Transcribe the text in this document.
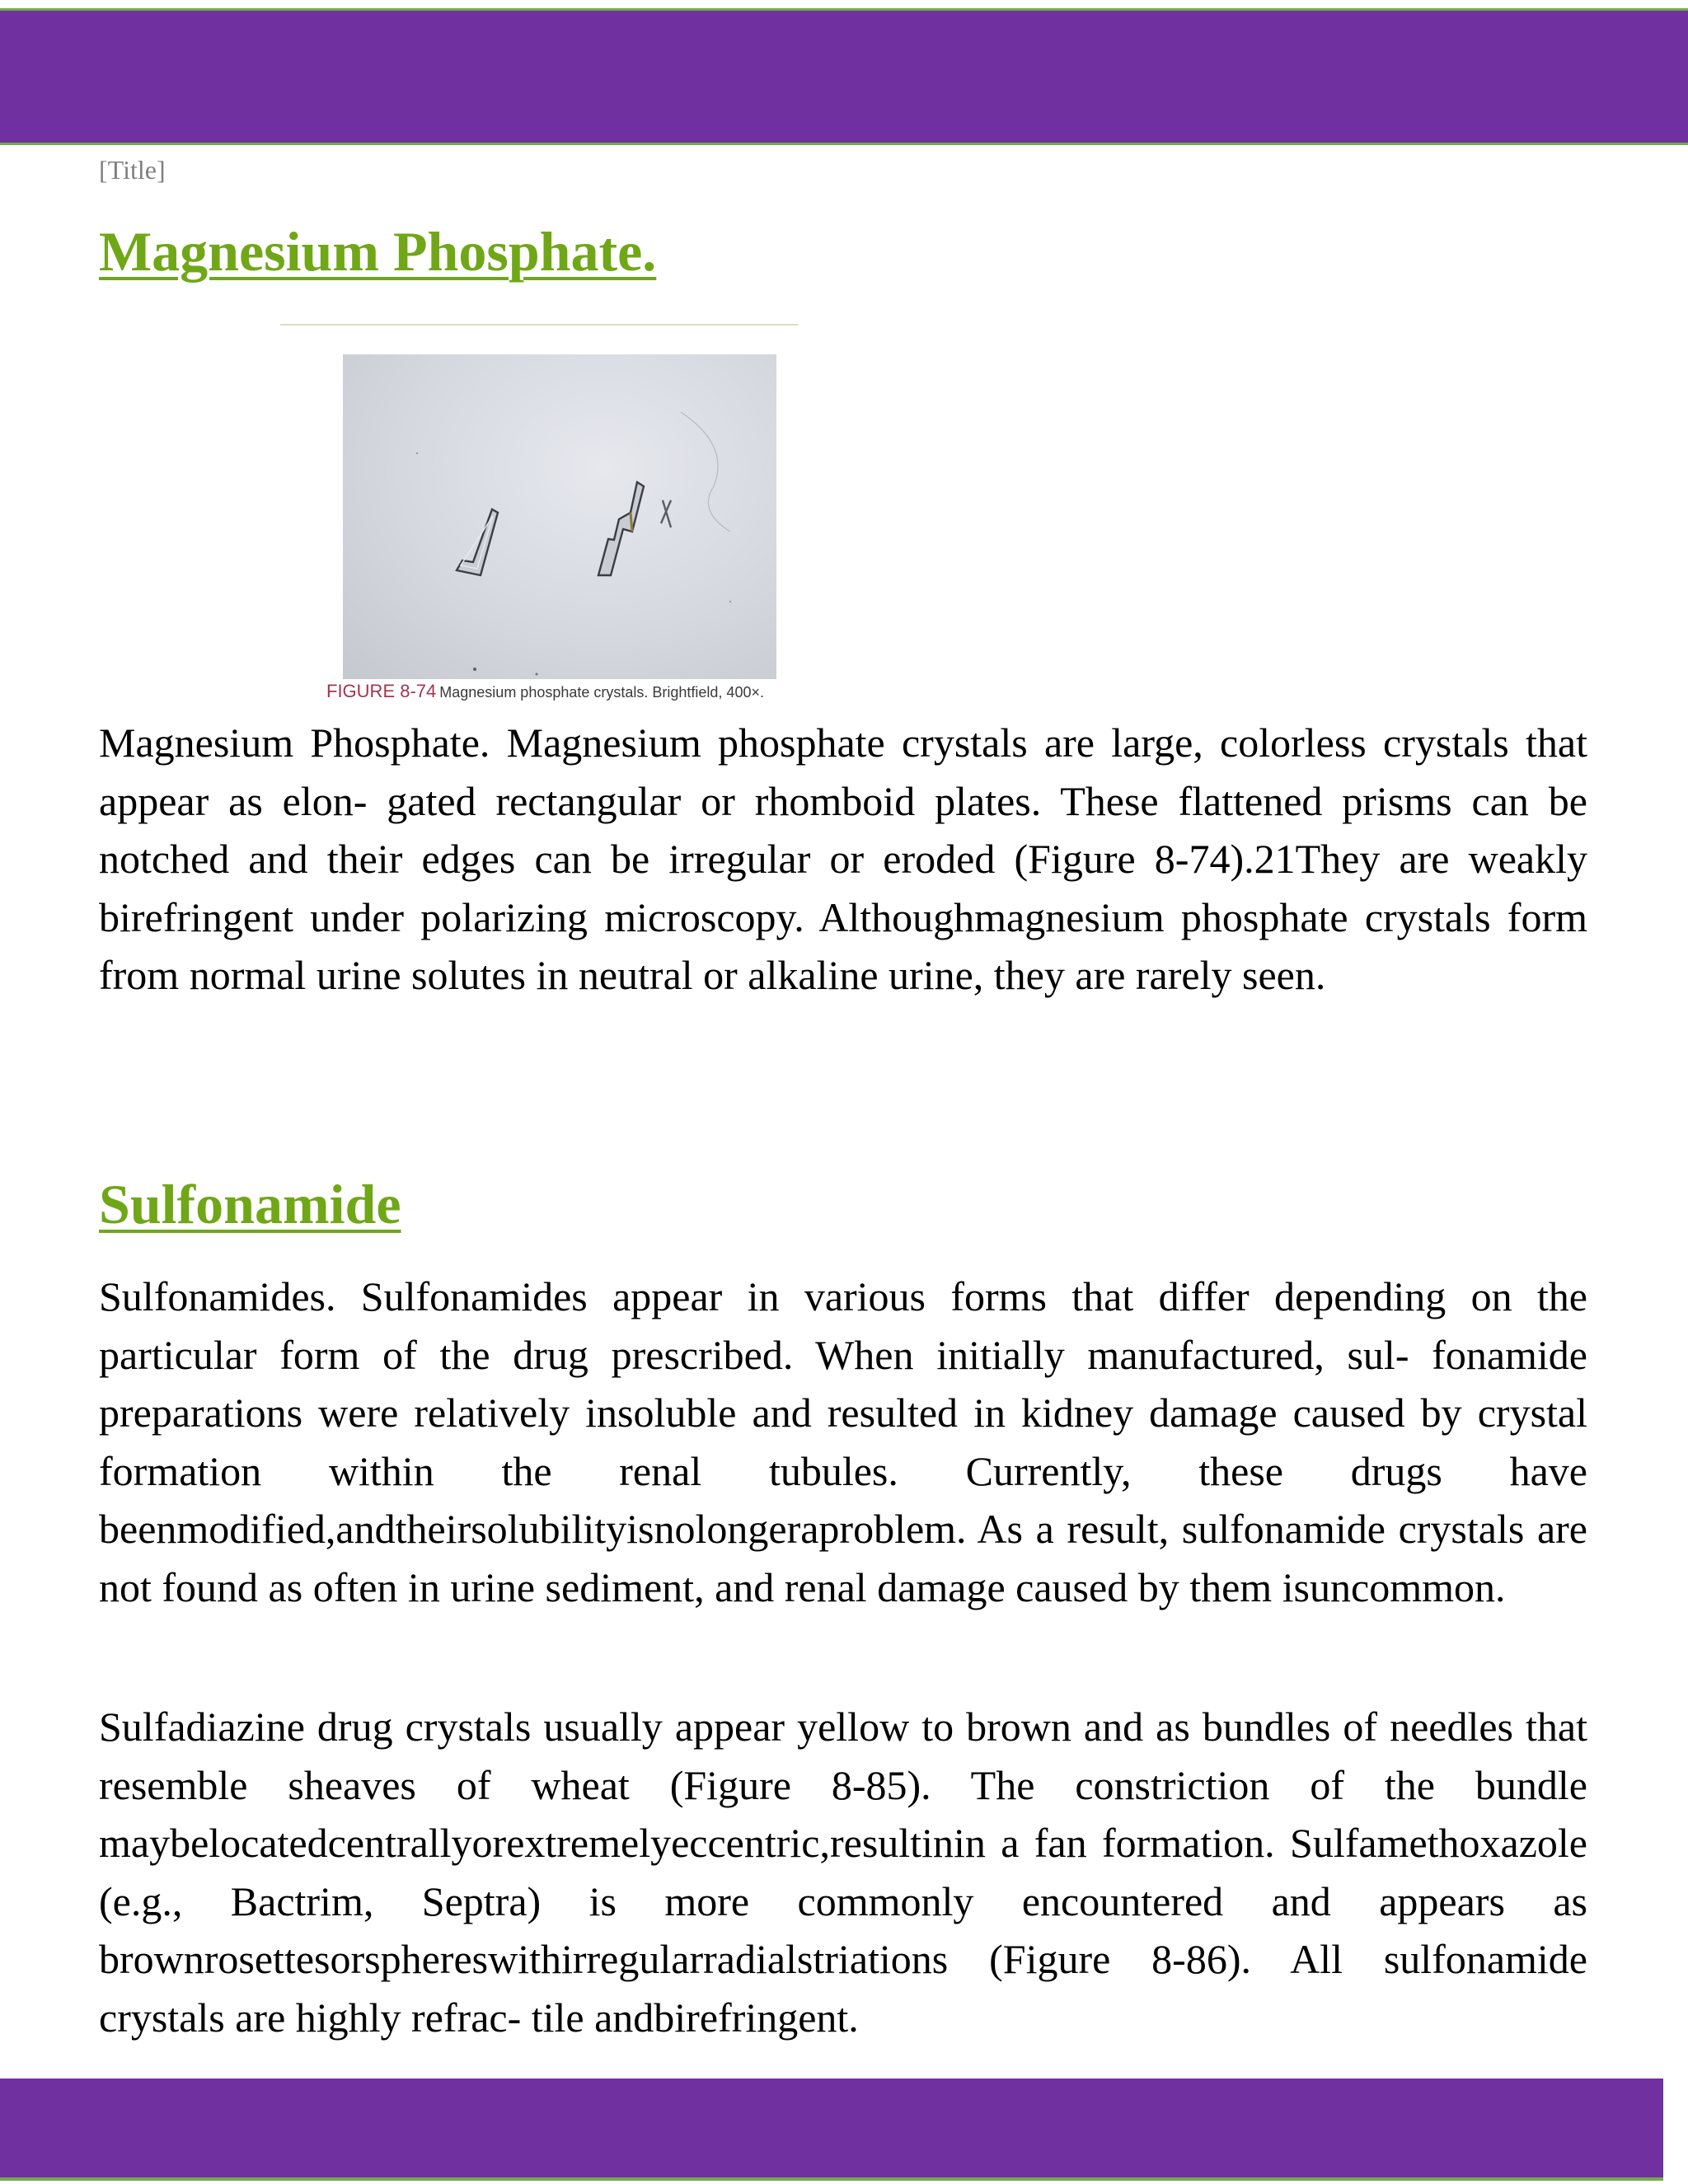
[Title]
Magnesium Phosphate.
FIGURE 8-74 Magnesium phosphate crystals. Brightfield, 400×.

Magnesium Phosphate. Magnesium phosphate crystals are large, colorless crystals that appear as elon- gated rectangular or rhomboid plates. These flattened prisms can be notched and their edges can be irregular or eroded (Figure 8-74).21They are weakly birefringent under polarizing microscopy. Althoughmagnesium phosphate crystals form from normal urine solutes in neutral or alkaline urine, they are rarely seen.

Sulfonamide

Sulfonamides. Sulfonamides appear in various forms that differ depending on the particular form of the drug prescribed. When initially manufactured, sul- fonamide preparations were relatively insoluble and resulted in kidney damage caused by crystal formation within the renal tubules. Currently, these drugs have beenmodified,andtheirsolubilityisnolongeraproblem. As a result, sulfonamide crystals are not found as often in urine sediment, and renal damage caused by them isuncommon.

Sulfadiazine drug crystals usually appear yellow to brown and as bundles of needles that resemble sheaves of wheat (Figure 8-85). The constriction of the bundle maybelocatedcentrallyorextremelyeccentric,resultinin a fan formation. Sulfamethoxazole (e.g., Bactrim, Septra) is more commonly encountered and appears as brownrosettesorsphereswithirregularradialstriations (Figure 8-86). All sulfonamide crystals are highly refrac- tile andbirefringent.
